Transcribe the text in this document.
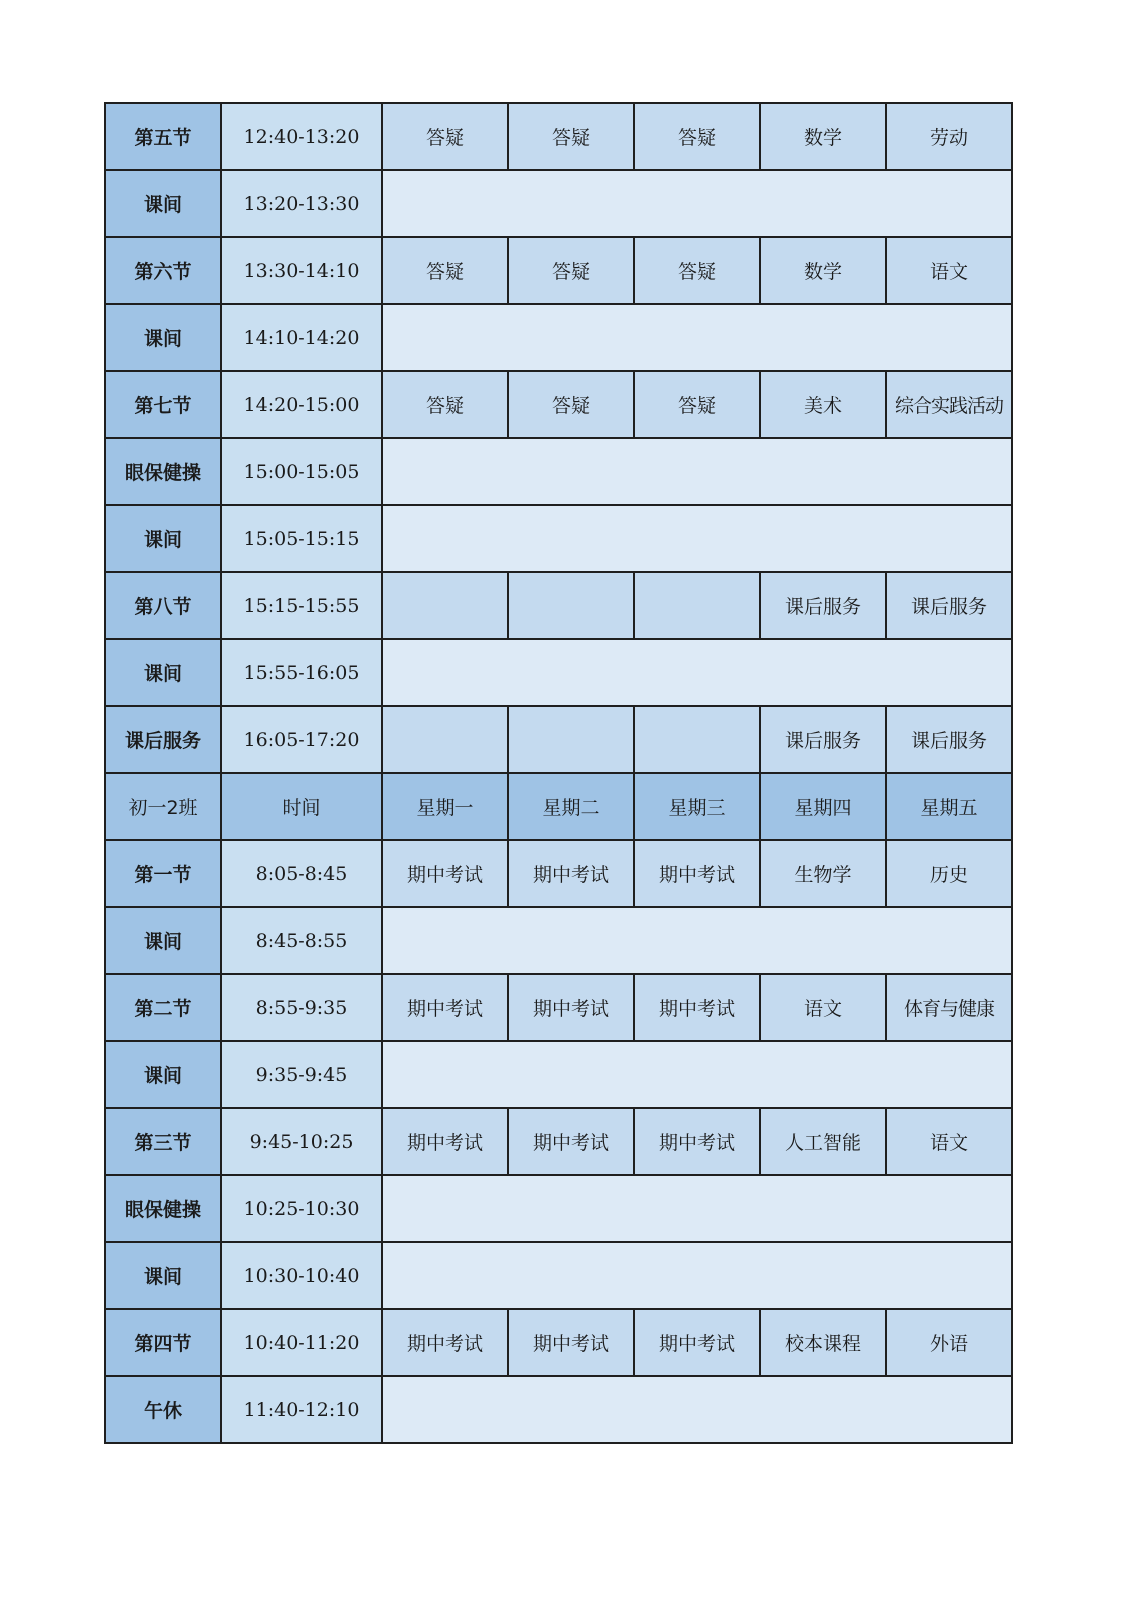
第五节	12:40-13:20	答疑	答疑	答疑	数学	劳动
课间	13:20-13:30					
第六节	13:30-14:10	答疑	答疑	答疑	数学	语文
课间	14:10-14:20					
第七节	14:20-15:00	答疑	答疑	答疑	美术	综合实践活动
眼保健操	15:00-15:05					
课间	15:05-15:15					
第八节	15:15-15:55				课后服务	课后服务
课间	15:55-16:05					
课后服务	16:05-17:20				课后服务	课后服务
初一2班	时间	星期一	星期二	星期三	星期四	星期五
第一节	8:05-8:45	期中考试	期中考试	期中考试	生物学	历史
课间	8:45-8:55					
第二节	8:55-9:35	期中考试	期中考试	期中考试	语文	体育与健康
课间	9:35-9:45					
第三节	9:45-10:25	期中考试	期中考试	期中考试	人工智能	语文
眼保健操	10:25-10:30					
课间	10:30-10:40					
第四节	10:40-11:20	期中考试	期中考试	期中考试	校本课程	外语
午休	11:40-12:10					
